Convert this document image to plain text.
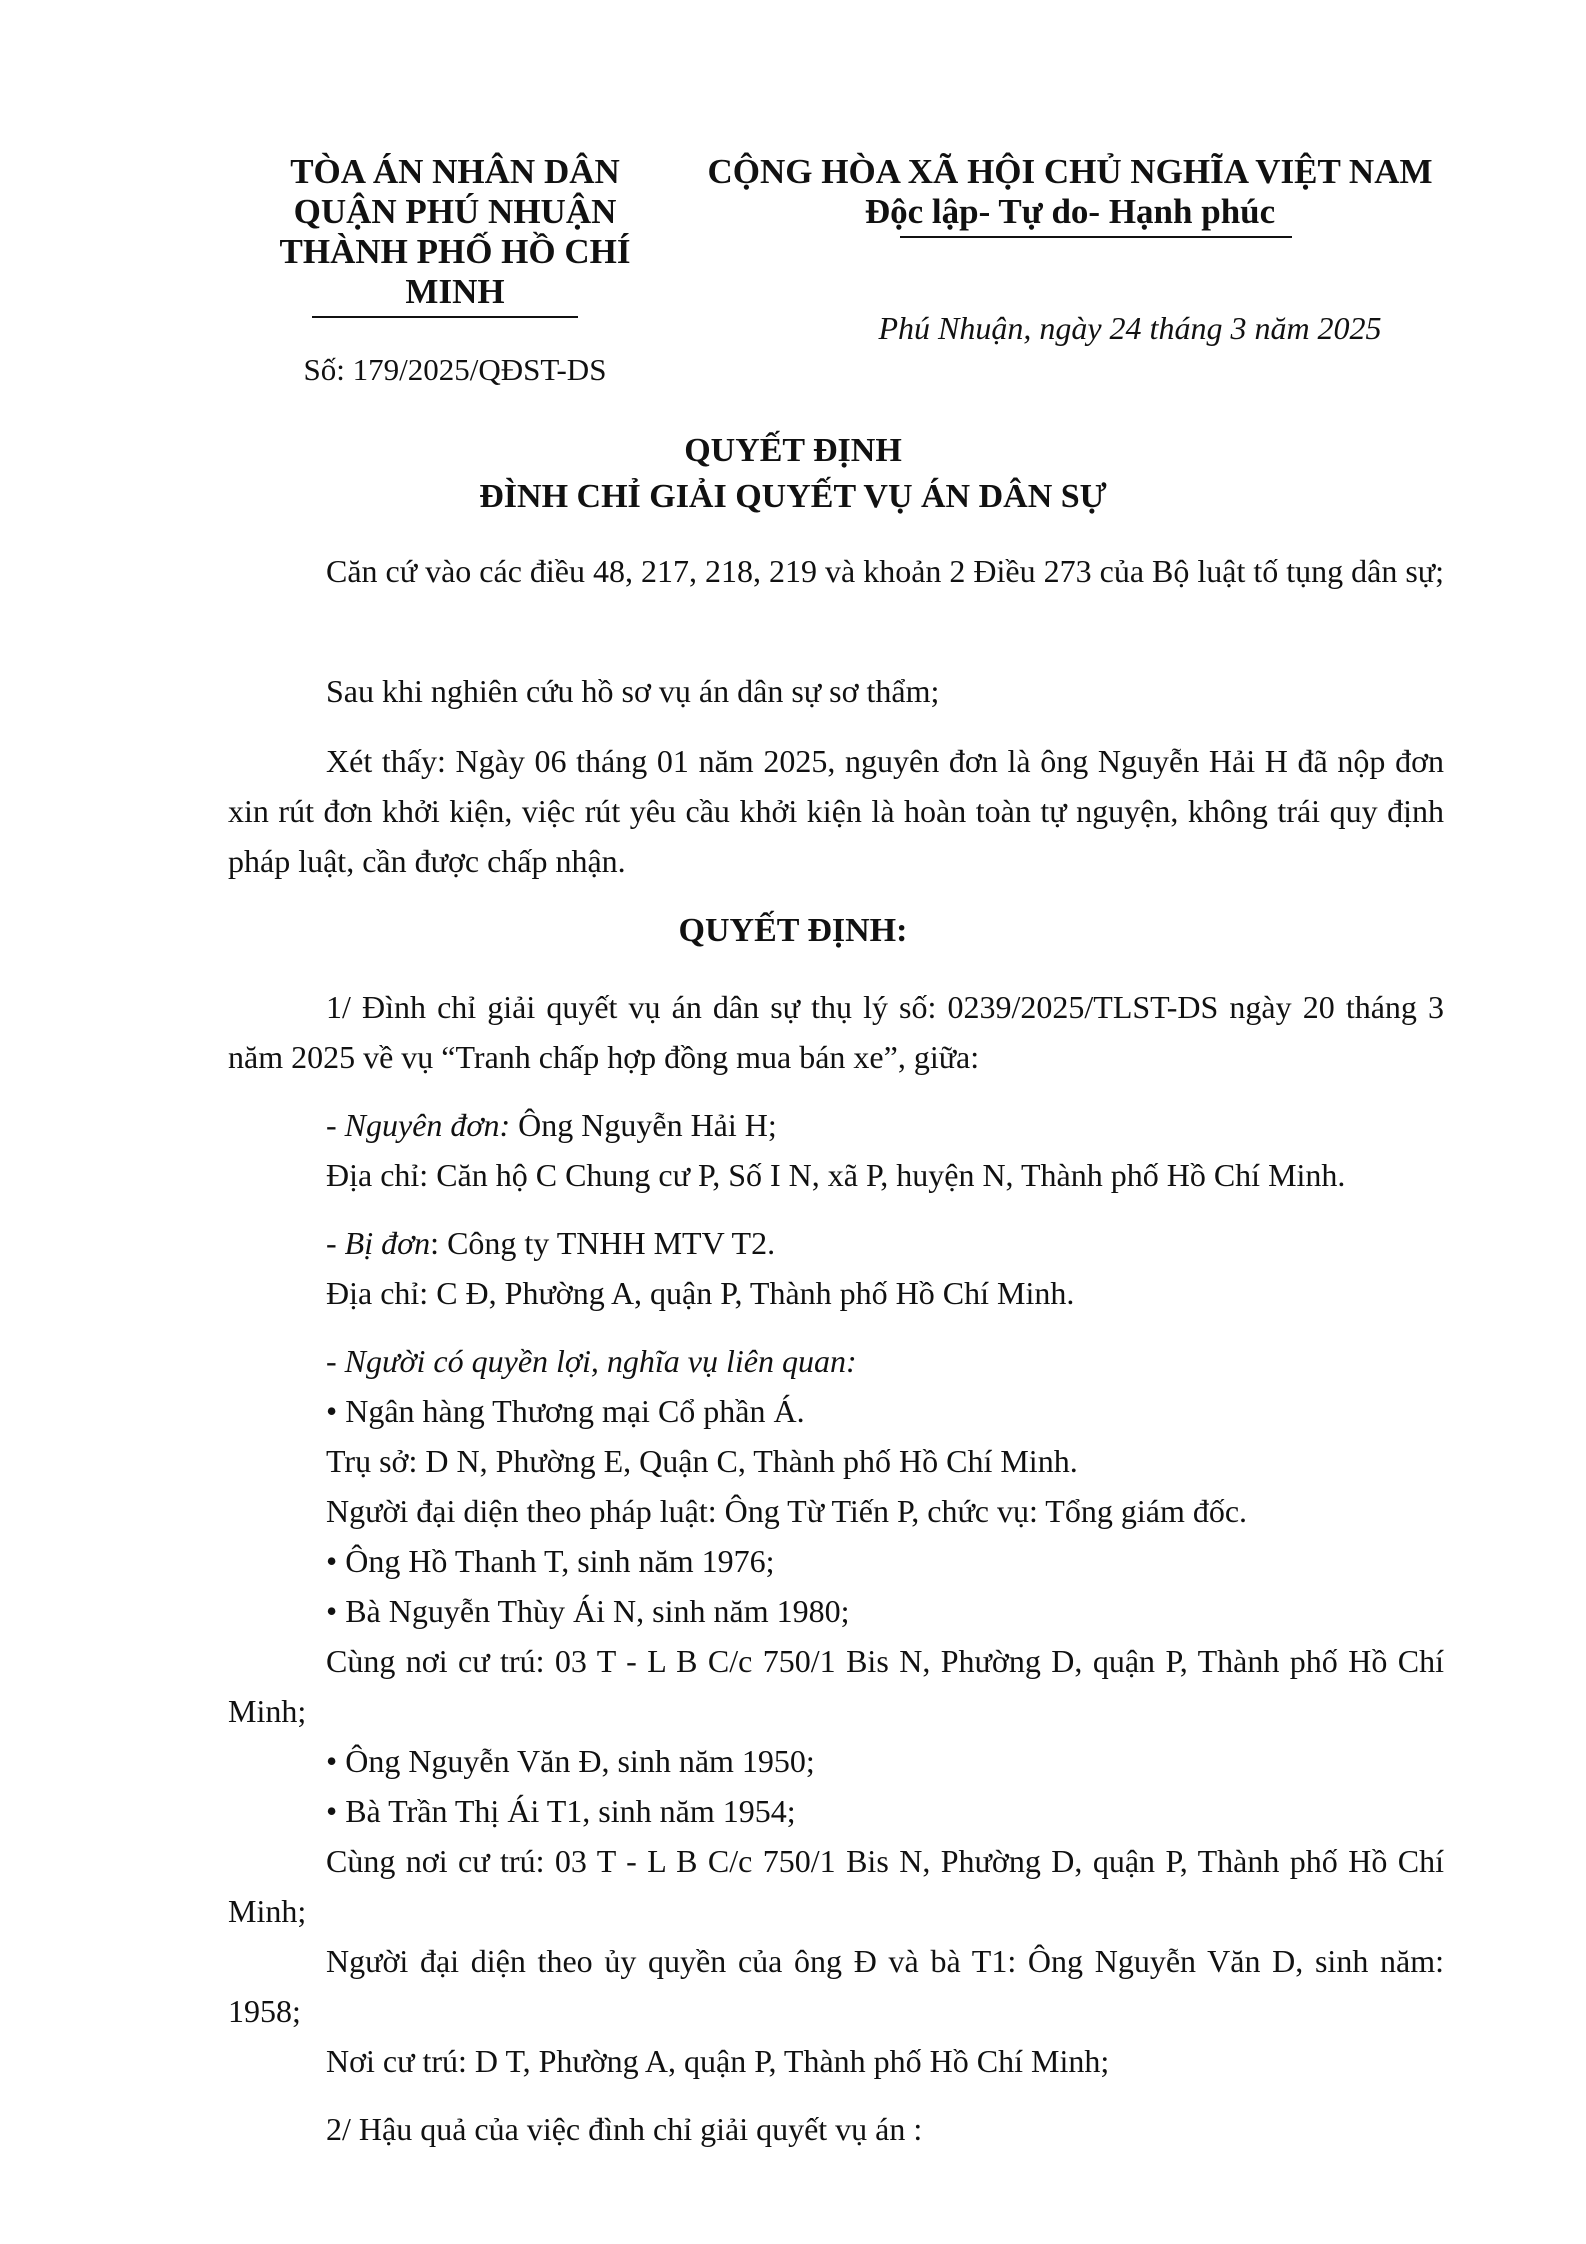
TÒA ÁN NHÂN DÂN
QUẬN PHÚ NHUẬN
THÀNH PHỐ HỒ CHÍ
MINH
Số: 179/2025/QĐST-DS
CỘNG HÒA XÃ HỘI CHỦ NGHĨA VIỆT NAM
Độc lập- Tự do- Hạnh phúc
Phú Nhuận, ngày 24 tháng 3 năm 2025
QUYẾT ĐỊNH
ĐÌNH CHỈ GIẢI QUYẾT VỤ ÁN DÂN SỰ
Căn cứ vào các điều 48, 217, 218, 219 và khoản 2 Điều 273 của Bộ luật tố tụng dân sự;
Sau khi nghiên cứu hồ sơ vụ án dân sự sơ thẩm;
Xét thấy: Ngày 06 tháng 01 năm 2025, nguyên đơn là ông Nguyễn Hải H đã nộp đơn xin rút đơn khởi kiện, việc rút yêu cầu khởi kiện là hoàn toàn tự nguyện, không trái quy định pháp luật, cần được chấp nhận.
QUYẾT ĐỊNH:
1/ Đình chỉ giải quyết vụ án dân sự thụ lý số: 0239/2025/TLST-DS ngày 20 tháng 3 năm 2025 về vụ “Tranh chấp hợp đồng mua bán xe”, giữa:
- Nguyên đơn: Ông Nguyễn Hải H;
Địa chỉ: Căn hộ C Chung cư P, Số I N, xã P, huyện N, Thành phố Hồ Chí Minh.
- Bị đơn: Công ty TNHH MTV T2.
Địa chỉ: C Đ, Phường A, quận P, Thành phố Hồ Chí Minh.
- Người có quyền lợi, nghĩa vụ liên quan:
• Ngân hàng Thương mại Cổ phần Á.
Trụ sở: D N, Phường E, Quận C, Thành phố Hồ Chí Minh.
Người đại diện theo pháp luật: Ông Từ Tiến P, chức vụ: Tổng giám đốc.
• Ông Hồ Thanh T, sinh năm 1976;
• Bà Nguyễn Thùy Ái N, sinh năm 1980;
Cùng nơi cư trú: 03 T - L B C/c 750/1 Bis N, Phường D, quận P, Thành phố Hồ Chí Minh;
• Ông Nguyễn Văn Đ, sinh năm 1950;
• Bà Trần Thị Ái T1, sinh năm 1954;
Cùng nơi cư trú: 03 T - L B C/c 750/1 Bis N, Phường D, quận P, Thành phố Hồ Chí Minh;
Người đại diện theo ủy quyền của ông Đ và bà T1: Ông Nguyễn Văn D, sinh năm: 1958;
Nơi cư trú: D T, Phường A, quận P, Thành phố Hồ Chí Minh;
2/ Hậu quả của việc đình chỉ giải quyết vụ án :
